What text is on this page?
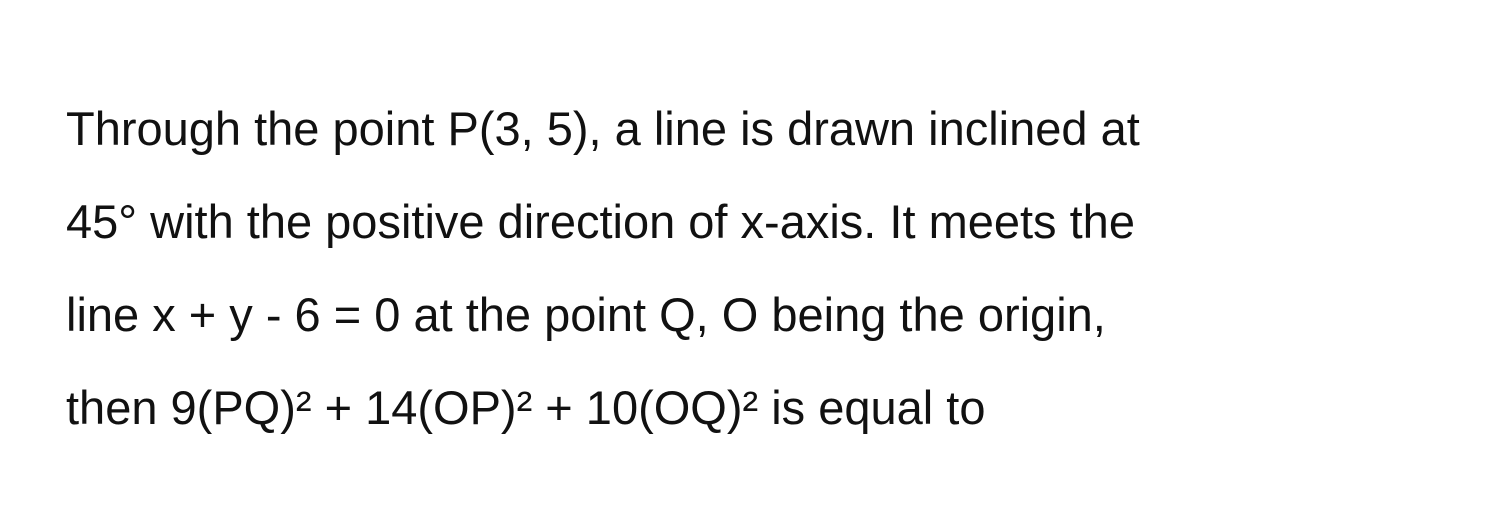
Through the point P(3, 5), a line is drawn inclined at
45° with the positive direction of x-axis. It meets the
line x + y - 6 = 0 at the point Q, O being the origin,
then 9(PQ)² + 14(OP)² + 10(OQ)² is equal to
